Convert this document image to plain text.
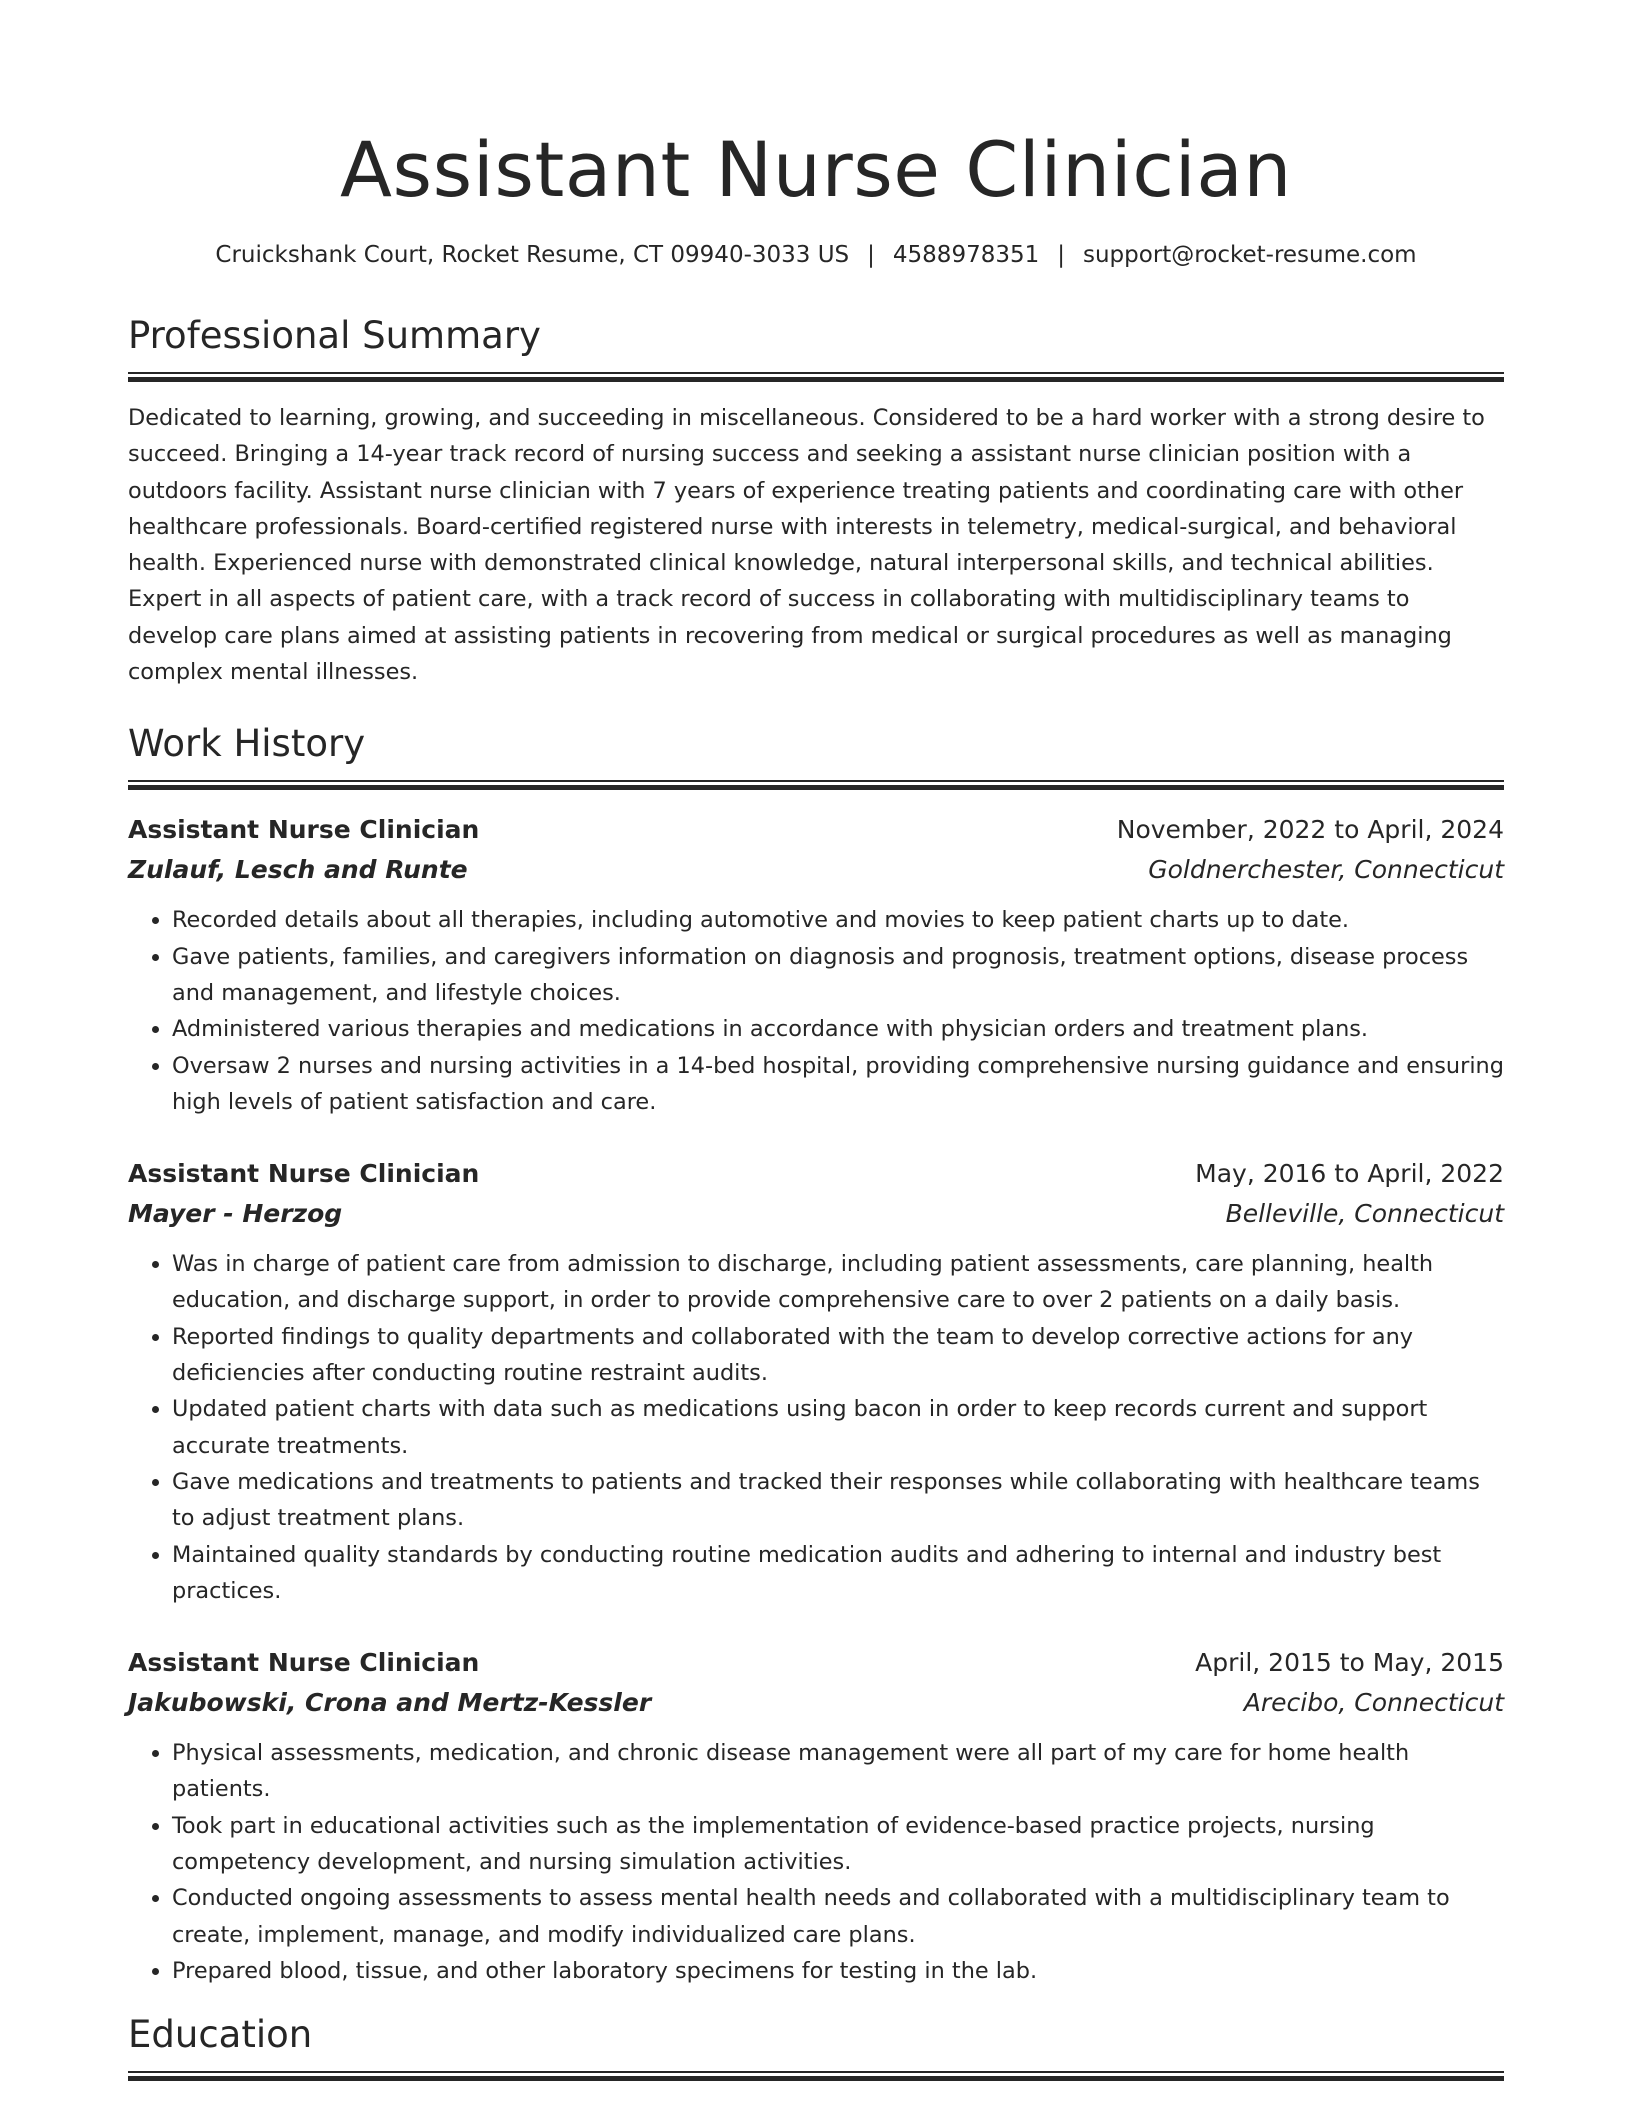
Assistant Nurse Clinician
Cruickshank Court, Rocket Resume, CT 09940-3033 US | 4588978351 | support@rocket-resume.com
Professional Summary

Dedicated to learning, growing, and succeeding in miscellaneous. Considered to be a hard worker with a strong desire to succeed. Bringing a 14-year track record of nursing success and seeking a assistant nurse clinician position with a outdoors facility. Assistant nurse clinician with 7 years of experience treating patients and coordinating care with other healthcare professionals. Board-certified registered nurse with interests in telemetry, medical-surgical, and behavioral health. Experienced nurse with demonstrated clinical knowledge, natural interpersonal skills, and technical abilities. Expert in all aspects of patient care, with a track record of success in collaborating with multidisciplinary teams to develop care plans aimed at assisting patients in recovering from medical or surgical procedures as well as managing complex mental illnesses.

Work History
Assistant Nurse Clinician	November, 2022 to April, 2024
Zulauf, Lesch and Runte	Goldnerchester, Connecticut
• Recorded details about all therapies, including automotive and movies to keep patient charts up to date.
• Gave patients, families, and caregivers information on diagnosis and prognosis, treatment options, disease process and management, and lifestyle choices.
• Administered various therapies and medications in accordance with physician orders and treatment plans.
• Oversaw 2 nurses and nursing activities in a 14-bed hospital, providing comprehensive nursing guidance and ensuring high levels of patient satisfaction and care.
Assistant Nurse Clinician	May, 2016 to April, 2022
Mayer - Herzog	Belleville, Connecticut
• Was in charge of patient care from admission to discharge, including patient assessments, care planning, health education, and discharge support, in order to provide comprehensive care to over 2 patients on a daily basis.
• Reported findings to quality departments and collaborated with the team to develop corrective actions for any deficiencies after conducting routine restraint audits.
• Updated patient charts with data such as medications using bacon in order to keep records current and support accurate treatments.
• Gave medications and treatments to patients and tracked their responses while collaborating with healthcare teams to adjust treatment plans.
• Maintained quality standards by conducting routine medication audits and adhering to internal and industry best practices.
Assistant Nurse Clinician	April, 2015 to May, 2015
Jakubowski, Crona and Mertz-Kessler	Arecibo, Connecticut
• Physical assessments, medication, and chronic disease management were all part of my care for home health patients.
• Took part in educational activities such as the implementation of evidence-based practice projects, nursing competency development, and nursing simulation activities.
• Conducted ongoing assessments to assess mental health needs and collaborated with a multidisciplinary team to create, implement, manage, and modify individualized care plans.
• Prepared blood, tissue, and other laboratory specimens for testing in the lab.
Education
